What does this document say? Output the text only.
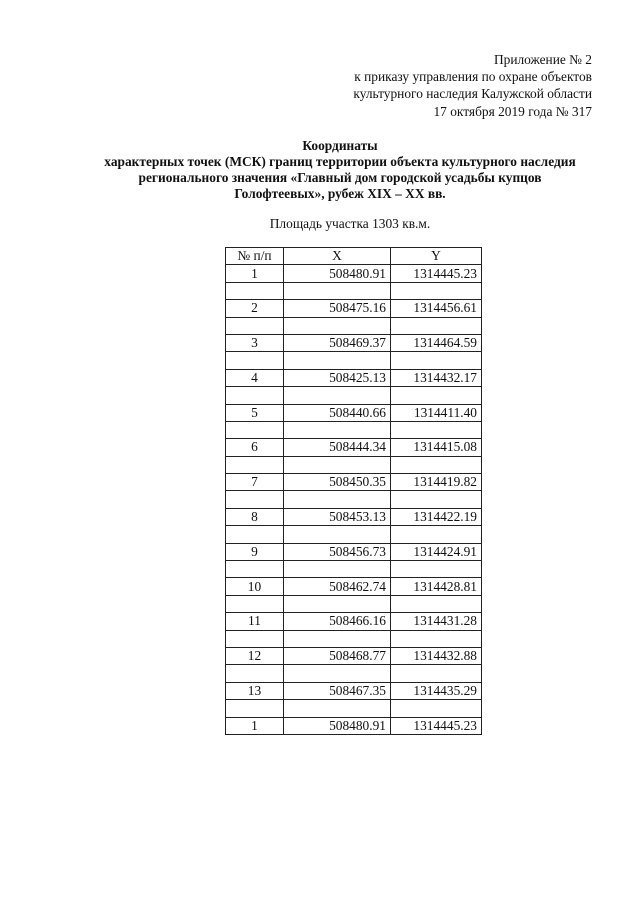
Приложение № 2
к приказу управления по охране объектов
культурного наследия Калужской области
17 октября 2019 года № 317
Координаты
характерных точек (МСК) границ территории объекта культурного наследия
регионального значения «Главный дом городской усадьбы купцов
Голофтеевых», рубеж XIX – XX вв.
Площадь участка 1303 кв.м.
№ п/п	X	Y
1	508480.91	1314445.23

2	508475.16	1314456.61

3	508469.37	1314464.59

4	508425.13	1314432.17

5	508440.66	1314411.40

6	508444.34	1314415.08

7	508450.35	1314419.82

8	508453.13	1314422.19

9	508456.73	1314424.91

10	508462.74	1314428.81

11	508466.16	1314431.28

12	508468.77	1314432.88

13	508467.35	1314435.29

1	508480.91	1314445.23
